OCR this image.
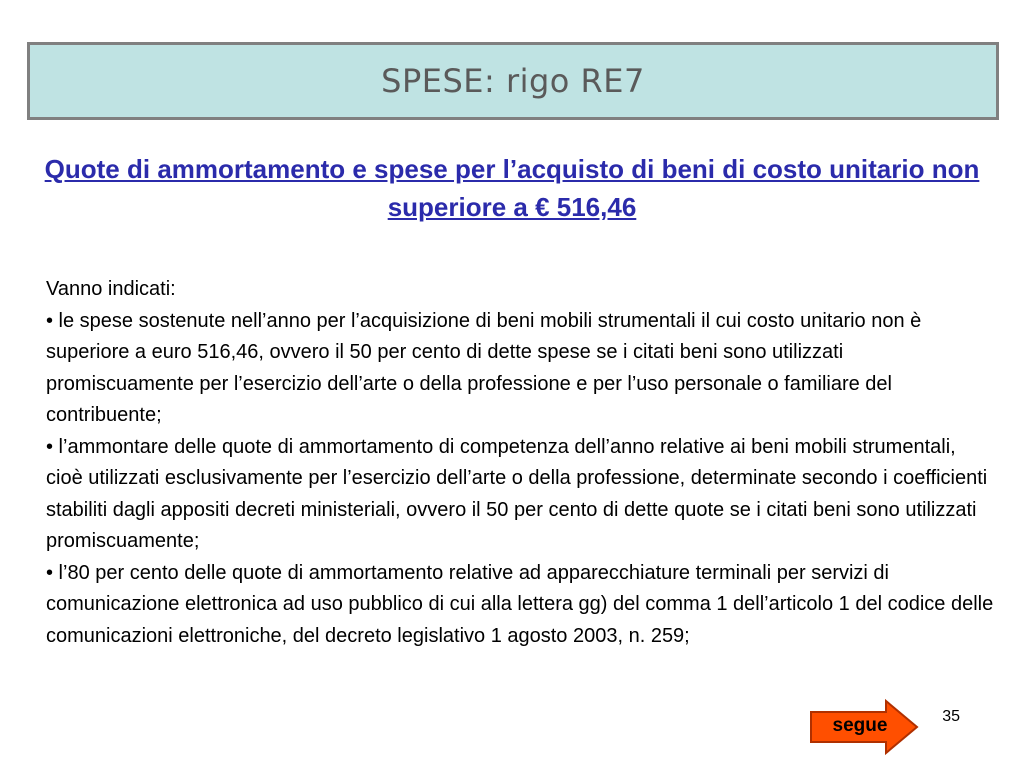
SPESE: rigo RE7
Quote di ammortamento e spese per l’acquisto di beni di costo unitario non superiore a € 516,46

Vanno indicati:

• le spese sostenute nell’anno per l’acquisizione di beni mobili strumentali il cui costo unitario non è superiore a euro 516,46, ovvero il 50 per cento di dette spese se i citati beni sono utilizzati promiscuamente per l’esercizio dell’arte o della professione e per l’uso personale o familiare del contribuente;

• l’ammontare delle quote di ammortamento di competenza dell’anno relative ai beni mobili strumentali, cioè utilizzati esclusivamente per l’esercizio dell’arte o della professione, determinate secondo i coefficienti stabiliti dagli appositi decreti ministeriali, ovvero il 50 per cento di dette quote se i citati beni sono utilizzati promiscuamente;

• l’80 per cento delle quote di ammortamento relative ad apparecchiature terminali per servizi di comunicazione elettronica ad uso pubblico di cui alla lettera gg) del comma 1 dell’articolo 1 del codice delle comunicazioni elettroniche, del decreto legislativo 1 agosto 2003, n. 259;

35
segue
